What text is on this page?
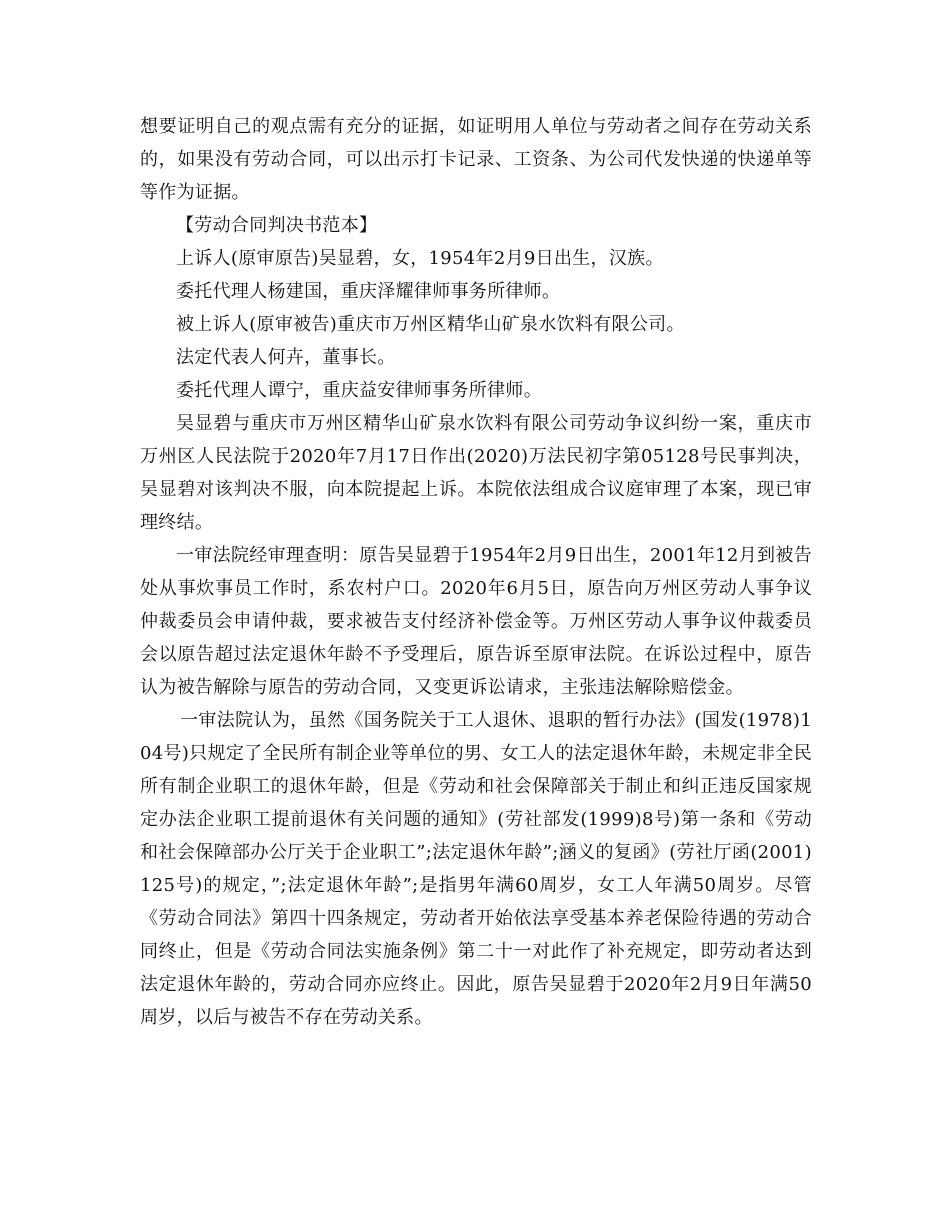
想要证明自己的观点需有充分的证据，如证明用人单位与劳动者之间存在劳动关系的，如果没有劳动合同，可以出示打卡记录、工资条、为公司代发快递的快递单等等作为证据。

【劳动合同判决书范本】

上诉人(原审原告)吴显碧，女，1954年2月9日出生，汉族。

委托代理人杨建国，重庆泽耀律师事务所律师。

被上诉人(原审被告)重庆市万州区精华山矿泉水饮料有限公司。

法定代表人何卉，董事长。

委托代理人谭宁，重庆益安律师事务所律师。

吴显碧与重庆市万州区精华山矿泉水饮料有限公司劳动争议纠纷一案，重庆市万州区人民法院于2020年7月17日作出(2020)万法民初字第05128号民事判决，吴显碧对该判决不服，向本院提起上诉。本院依法组成合议庭审理了本案，现已审理终结。

一审法院经审理查明：原告吴显碧于1954年2月9日出生，2001年12月到被告处从事炊事员工作时，系农村户口。2020年6月5日，原告向万州区劳动人事争议仲裁委员会申请仲裁，要求被告支付经济补偿金等。万州区劳动人事争议仲裁委员会以原告超过法定退休年龄不予受理后，原告诉至原审法院。在诉讼过程中，原告认为被告解除与原告的劳动合同，又变更诉讼请求，主张违法解除赔偿金。

一审法院认为，虽然《国务院关于工人退休、退职的暂行办法》(国发(1978)104号)只规定了全民所有制企业等单位的男、女工人的法定退休年龄，未规定非全民所有制企业职工的退休年龄，但是《劳动和社会保障部关于制止和纠正违反国家规定办法企业职工提前退休有关问题的通知》(劳社部发(1999)8号)第一条和《劳动和社会保障部办公厅关于企业职工”;法定退休年龄”;涵义的复函》(劳社厅函(2001)125号)的规定，”;法定退休年龄”;是指男年满60周岁，女工人年满50周岁。尽管《劳动合同法》第四十四条规定，劳动者开始依法享受基本养老保险待遇的劳动合同终止，但是《劳动合同法实施条例》第二十一对此作了补充规定，即劳动者达到法定退休年龄的，劳动合同亦应终止。因此，原告吴显碧于2020年2月9日年满50周岁，以后与被告不存在劳动关系。
